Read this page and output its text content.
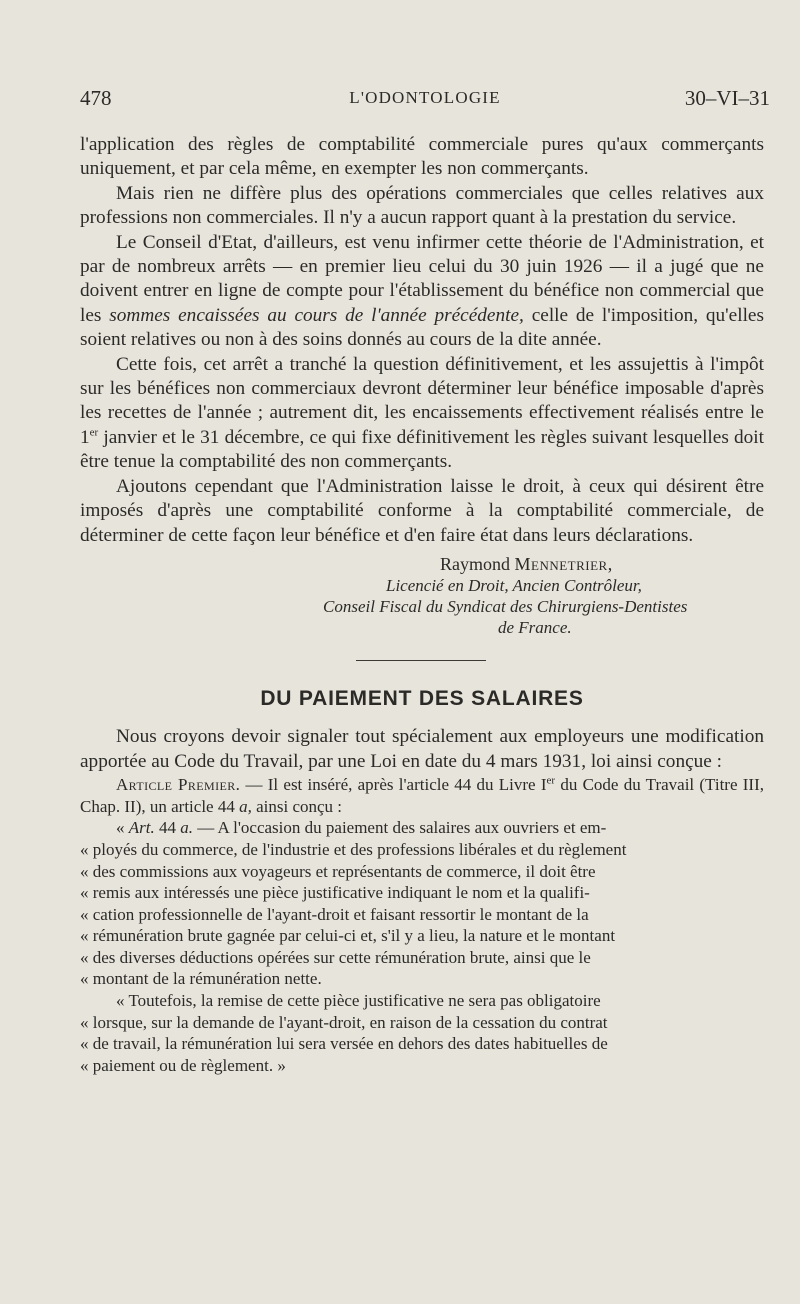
478	L'ODONTOLOGIE	30–VI–31

l'application des règles de comptabilité commerciale pures qu'aux commerçants uniquement, et par cela même, en exempter les non commerçants.

Mais rien ne diffère plus des opérations commerciales que celles relatives aux professions non commerciales. Il n'y a aucun rapport quant à la prestation du service.

Le Conseil d'Etat, d'ailleurs, est venu infirmer cette théorie de l'Administration, et par de nombreux arrêts — en premier lieu celui du 30 juin 1926 — il a jugé que ne doivent entrer en ligne de compte pour l'établissement du bénéfice non commercial que les sommes encaissées au cours de l'année précédente, celle de l'imposition, qu'elles soient relatives ou non à des soins donnés au cours de la dite année.

Cette fois, cet arrêt a tranché la question définitivement, et les assujettis à l'impôt sur les bénéfices non commerciaux devront déterminer leur bénéfice imposable d'après les recettes de l'année ; autrement dit, les encaissements effectivement réalisés entre le 1er janvier et le 31 décembre, ce qui fixe définitivement les règles suivant lesquelles doit être tenue la comptabilité des non commerçants.

Ajoutons cependant que l'Administration laisse le droit, à ceux qui désirent être imposés d'après une comptabilité conforme à la comptabilité commerciale, de déterminer de cette façon leur bénéfice et d'en faire état dans leurs déclarations.

Raymond Mennetrier,
Licencié en Droit, Ancien Contrôleur,
Conseil Fiscal du Syndicat des Chirurgiens-Dentistes
de France.
DU PAIEMENT DES SALAIRES

Nous croyons devoir signaler tout spécialement aux employeurs une modification apportée au Code du Travail, par une Loi en date du 4 mars 1931, loi ainsi conçue :

Article Premier. — Il est inséré, après l'article 44 du Livre Ier du Code du Travail (Titre III, Chap. II), un article 44 a, ainsi conçu :

« Art. 44 a. — A l'occasion du paiement des salaires aux ouvriers et em-
« ployés du commerce, de l'industrie et des professions libérales et du règlement
« des commissions aux voyageurs et représentants de commerce, il doit être
« remis aux intéressés une pièce justificative indiquant le nom et la qualifi-
« cation professionnelle de l'ayant-droit et faisant ressortir le montant de la
« rémunération brute gagnée par celui-ci et, s'il y a lieu, la nature et le montant
« des diverses déductions opérées sur cette rémunération brute, ainsi que le
« montant de la rémunération nette.
« Toutefois, la remise de cette pièce justificative ne sera pas obligatoire
« lorsque, sur la demande de l'ayant-droit, en raison de la cessation du contrat
« de travail, la rémunération lui sera versée en dehors des dates habituelles de
« paiement ou de règlement. »
